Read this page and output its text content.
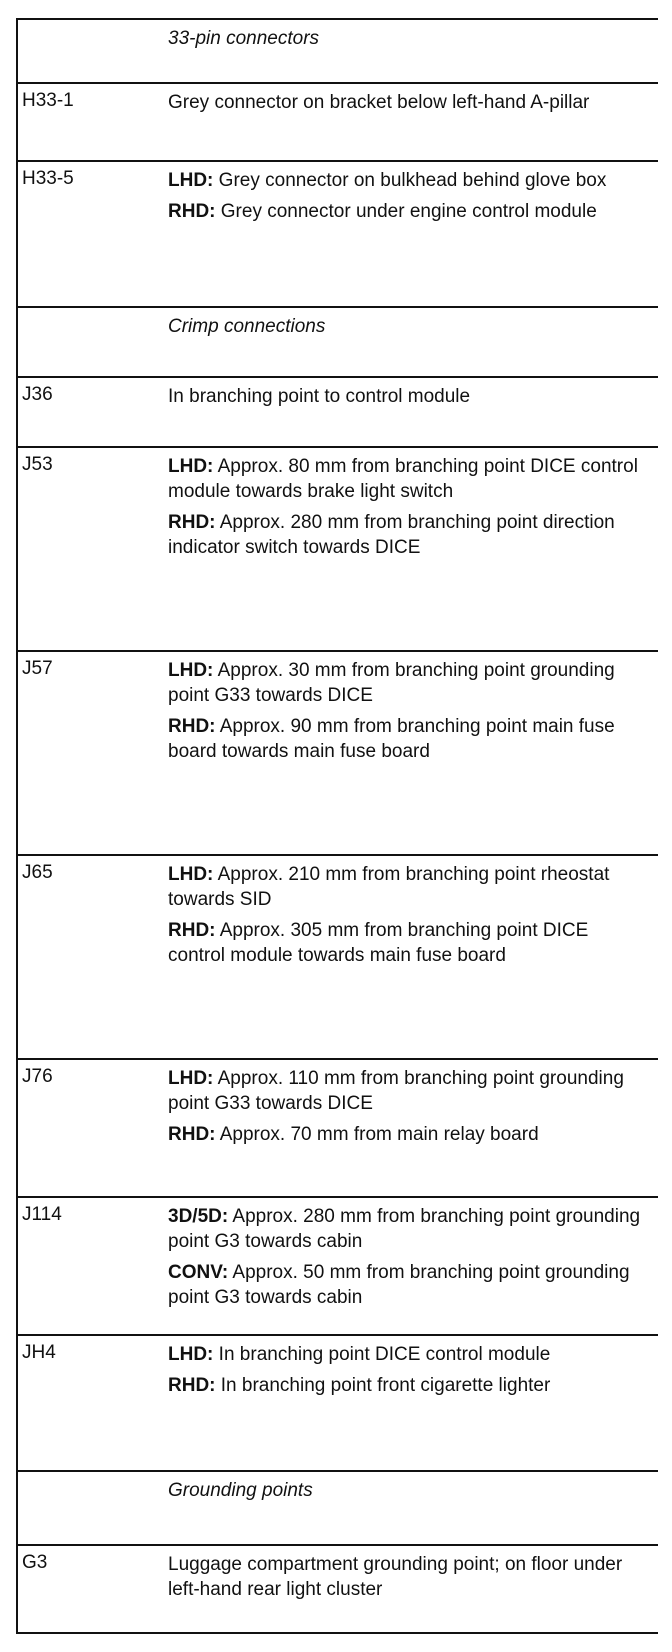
33-pin connectors
H33-1	Grey connector on bracket below left-hand A-pillar
H33-5	LHD: Grey connector on bulkhead behind glove box
RHD: Grey connector under engine control module
Crimp connections
J36	In branching point to control module
J53	LHD: Approx. 80 mm from branching point DICE control module towards brake light switch
RHD: Approx. 280 mm from branching point direction indicator switch towards DICE
J57	LHD: Approx. 30 mm from branching point grounding point G33 towards DICE
RHD: Approx. 90 mm from branching point main fuse board towards main fuse board
J65	LHD: Approx. 210 mm from branching point rheostat towards SID
RHD: Approx. 305 mm from branching point DICE control module towards main fuse board
J76	LHD: Approx. 110 mm from branching point grounding point G33 towards DICE
RHD: Approx. 70 mm from main relay board
J114	3D/5D: Approx. 280 mm from branching point grounding point G3 towards cabin
CONV: Approx. 50 mm from branching point grounding point G3 towards cabin
JH4	LHD: In branching point DICE control module
RHD: In branching point front cigarette lighter
Grounding points
G3	Luggage compartment grounding point; on floor under left-hand rear light cluster
